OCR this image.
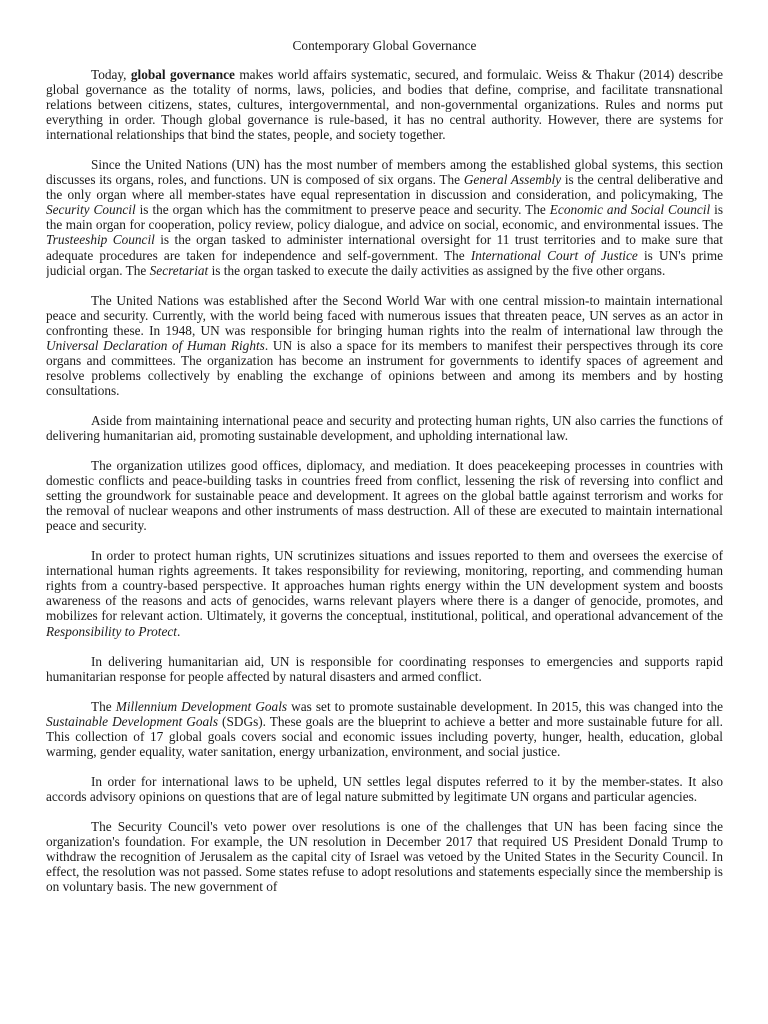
Contemporary Global Governance

Today, global governance makes world affairs systematic, secured, and formulaic. Weiss & Thakur (2014) describe global governance as the totality of norms, laws, policies, and bodies that define, comprise, and facilitate transnational relations between citizens, states, cultures, intergovernmental, and non-governmental organizations. Rules and norms put everything in order. Though global governance is rule-based, it has no central authority. However, there are systems for international relationships that bind the states, people, and society together.

Since the United Nations (UN) has the most number of members among the established global systems, this section discusses its organs, roles, and functions. UN is composed of six organs. The General Assembly is the central deliberative and the only organ where all member-states have equal representation in discussion and consideration, and policymaking, The Security Council is the organ which has the commitment to preserve peace and security. The Economic and Social Council is the main organ for cooperation, policy review, policy dialogue, and advice on social, economic, and environmental issues. The Trusteeship Council is the organ tasked to administer international oversight for 11 trust territories and to make sure that adequate procedures are taken for independence and self-government. The International Court of Justice is UN's prime judicial organ. The Secretariat is the organ tasked to execute the daily activities as assigned by the five other organs.

The United Nations was established after the Second World War with one central mission-to maintain international peace and security. Currently, with the world being faced with numerous issues that threaten peace, UN serves as an actor in confronting these. In 1948, UN was responsible for bringing human rights into the realm of international law through the Universal Declaration of Human Rights. UN is also a space for its members to manifest their perspectives through its core organs and committees. The organization has become an instrument for governments to identify spaces of agreement and resolve problems collectively by enabling the exchange of opinions between and among its members and by hosting consultations.

Aside from maintaining international peace and security and protecting human rights, UN also carries the functions of delivering humanitarian aid, promoting sustainable development, and upholding international law.

The organization utilizes good offices, diplomacy, and mediation. It does peacekeeping processes in countries with domestic conflicts and peace-building tasks in countries freed from conflict, lessening the risk of reversing into conflict and setting the groundwork for sustainable peace and development. It agrees on the global battle against terrorism and works for the removal of nuclear weapons and other instruments of mass destruction. All of these are executed to maintain international peace and security.

In order to protect human rights, UN scrutinizes situations and issues reported to them and oversees the exercise of international human rights agreements. It takes responsibility for reviewing, monitoring, reporting, and commending human rights from a country-based perspective. It approaches human rights energy within the UN development system and boosts awareness of the reasons and acts of genocides, warns relevant players where there is a danger of genocide, promotes, and mobilizes for relevant action. Ultimately, it governs the conceptual, institutional, political, and operational advancement of the Responsibility to Protect.

In delivering humanitarian aid, UN is responsible for coordinating responses to emergencies and supports rapid humanitarian response for people affected by natural disasters and armed conflict.

The Millennium Development Goals was set to promote sustainable development. In 2015, this was changed into the Sustainable Development Goals (SDGs). These goals are the blueprint to achieve a better and more sustainable future for all. This collection of 17 global goals covers social and economic issues including poverty, hunger, health, education, global warming, gender equality, water sanitation, energy urbanization, environment, and social justice.

In order for international laws to be upheld, UN settles legal disputes referred to it by the member-states. It also accords advisory opinions on questions that are of legal nature submitted by legitimate UN organs and particular agencies.

The Security Council's veto power over resolutions is one of the challenges that UN has been facing since the organization's foundation. For example, the UN resolution in December 2017 that required US President Donald Trump to withdraw the recognition of Jerusalem as the capital city of Israel was vetoed by the United States in the Security Council. In effect, the resolution was not passed. Some states refuse to adopt resolutions and statements especially since the membership is on voluntary basis. The new government of
